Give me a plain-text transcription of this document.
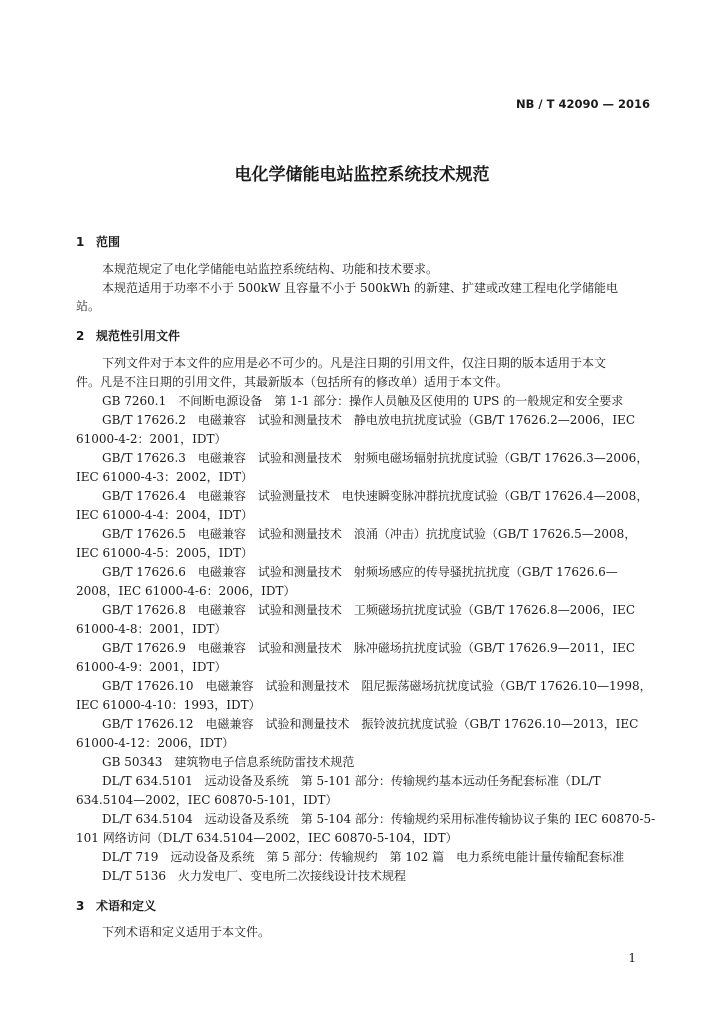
NB / T 42090 — 2016
电化学储能电站监控系统技术规范
1 范围
本规范规定了电化学储能电站监控系统结构、功能和技术要求。
本规范适用于功率不小于 500kW 且容量不小于 500kWh 的新建、扩建或改建工程电化学储能电
站。
2 规范性引用文件
下列文件对于本文件的应用是必不可少的。凡是注日期的引用文件，仅注日期的版本适用于本文
件。凡是不注日期的引用文件，其最新版本（包括所有的修改单）适用于本文件。
GB 7260.1　不间断电源设备　第 1-1 部分：操作人员触及区使用的 UPS 的一般规定和安全要求
GB/T 17626.2　电磁兼容　试验和测量技术　静电放电抗扰度试验（GB/T 17626.2—2006，IEC
61000-4-2：2001，IDT）
GB/T 17626.3　电磁兼容　试验和测量技术　射频电磁场辐射抗扰度试验（GB/T 17626.3—2006，
IEC 61000-4-3：2002，IDT）
GB/T 17626.4　电磁兼容　试验测量技术　电快速瞬变脉冲群抗扰度试验（GB/T 17626.4—2008，
IEC 61000-4-4：2004，IDT）
GB/T 17626.5　电磁兼容　试验和测量技术　浪涌（冲击）抗扰度试验（GB/T 17626.5—2008，
IEC 61000-4-5：2005，IDT）
GB/T 17626.6　电磁兼容　试验和测量技术　射频场感应的传导骚扰抗扰度（GB/T 17626.6—
2008，IEC 61000-4-6：2006，IDT）
GB/T 17626.8　电磁兼容　试验和测量技术　工频磁场抗扰度试验（GB/T 17626.8—2006，IEC
61000-4-8：2001，IDT）
GB/T 17626.9　电磁兼容　试验和测量技术　脉冲磁场抗扰度试验（GB/T 17626.9—2011，IEC
61000-4-9：2001，IDT）
GB/T 17626.10　电磁兼容　试验和测量技术　阻尼振荡磁场抗扰度试验（GB/T 17626.10—1998，
IEC 61000-4-10：1993，IDT）
GB/T 17626.12　电磁兼容　试验和测量技术　振铃波抗扰度试验（GB/T 17626.10—2013，IEC
61000-4-12：2006，IDT）
GB 50343　建筑物电子信息系统防雷技术规范
DL/T 634.5101　远动设备及系统　第 5-101 部分：传输规约基本远动任务配套标准（DL/T
634.5104—2002，IEC 60870-5-101，IDT）
DL/T 634.5104　远动设备及系统　第 5-104 部分：传输规约采用标准传输协议子集的 IEC 60870-5-
101 网络访问（DL/T 634.5104—2002，IEC 60870-5-104，IDT）
DL/T 719　远动设备及系统　第 5 部分：传输规约　第 102 篇　电力系统电能计量传输配套标准
DL/T 5136　火力发电厂、变电所二次接线设计技术规程
3 术语和定义
下列术语和定义适用于本文件。
1
